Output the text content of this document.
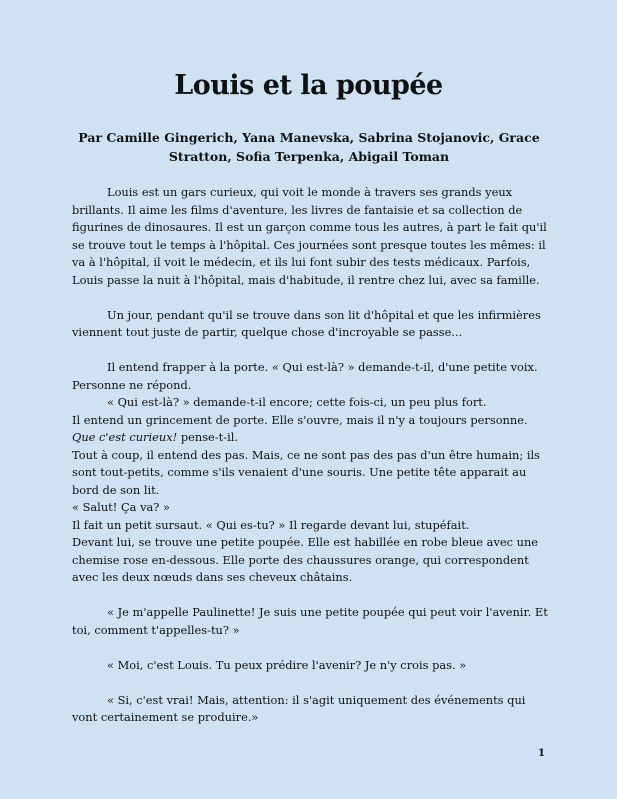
Louis et la poupée

Par Camille Gingerich, Yana Manevska, Sabrina Stojanovic, Grace Stratton, Sofia Terpenka, Abigail Toman

Louis est un gars curieux, qui voit le monde à travers ses grands yeux brillants. Il aime les films d'aventure, les livres de fantaisie et sa collection de figurines de dinosaures. Il est un garçon comme tous les autres, à part le fait qu'il se trouve tout le temps à l'hôpital. Ces journées sont presque toutes les mêmes: il va à l'hôpital, il voit le médecin, et ils lui font subir des tests médicaux. Parfois, Louis passe la nuit à l'hôpital, mais d'habitude, il rentre chez lui, avec sa famille.

Un jour, pendant qu'il se trouve dans son lit d'hôpital et que les infirmières viennent tout juste de partir, quelque chose d'incroyable se passe...

Il entend frapper à la porte. « Qui est-là? » demande-t-il, d'une petite voix. Personne ne répond.

« Qui est-là? » demande-t-il encore; cette fois-ci, un peu plus fort.

Il entend un grincement de porte. Elle s'ouvre, mais il n'y a toujours personne.

Que c'est curieux! pense-t-il.

Tout à coup, il entend des pas. Mais, ce ne sont pas des pas d'un être humain; ils sont tout-petits, comme s'ils venaient d'une souris. Une petite tête apparait au bord de son lit.

« Salut! Ça va? »

Il fait un petit sursaut. « Qui es-tu? » Il regarde devant lui, stupéfait.

Devant lui, se trouve une petite poupée. Elle est habillée en robe bleue avec une chemise rose en-dessous. Elle porte des chaussures orange, qui correspondent avec les deux nœuds dans ses cheveux châtains.

« Je m'appelle Paulinette! Je suis une petite poupée qui peut voir l'avenir. Et toi, comment t'appelles-tu? »

« Moi, c'est Louis. Tu peux prédire l'avenir? Je n'y crois pas. »

« Si, c'est vrai! Mais, attention: il s'agit uniquement des événements qui vont certainement se produire.»

1
